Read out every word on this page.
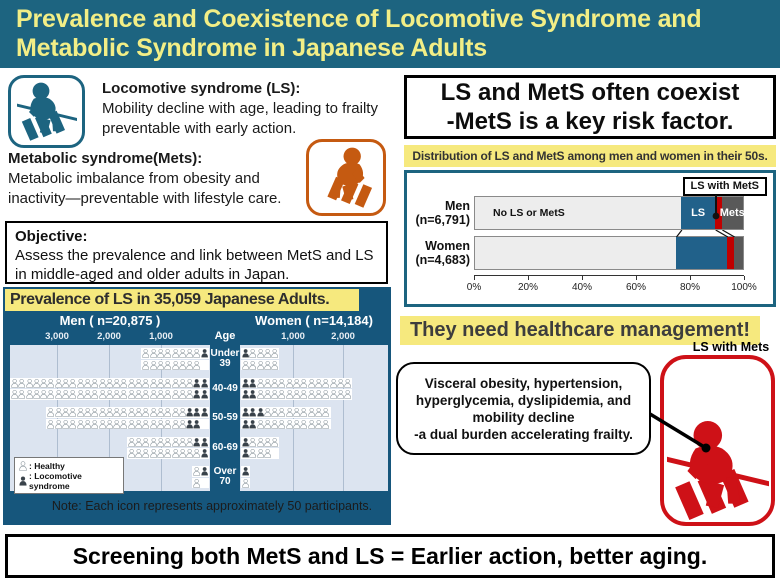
Prevalence and Coexistence of Locomotive Syndrome and
Metabolic Syndrome in Japanese Adults
Locomotive syndrome (LS):
Mobility decline with age, leading to frailty preventable with early action.
Metabolic syndrome(Mets):
Metabolic imbalance from obesity and inactivity—preventable with lifestyle care.
Objective:
Assess the prevalence and link between MetS and LS in middle-aged and older adults in Japan.
Prevalence of LS in 35,059 Japanese Adults.
Men ( n=20,875 )	Women ( n=14,184)
3,000	2,000	1,000	Age	1,000	2,000
Under
39
40-49
50-59
60-69
Over
70
: Healthy
: Locomotive syndrome
Note: Each icon represents approximately 50 participants.
LS and MetS often coexist
-MetS is a key risk factor.
Distribution of LS and MetS among men and women in their 50s.
LS with MetS
Men
(n=6,791)
Women
(n=4,683)
No LS or MetS	LS Mets
0%	20%	40%	60%	80%	100%
They need healthcare management!
LS with Mets
Visceral obesity, hypertension,
hyperglycemia, dyslipidemia, and
mobility decline
-a dual burden accelerating frailty.
Screening both MetS and LS = Earlier action, better aging.
